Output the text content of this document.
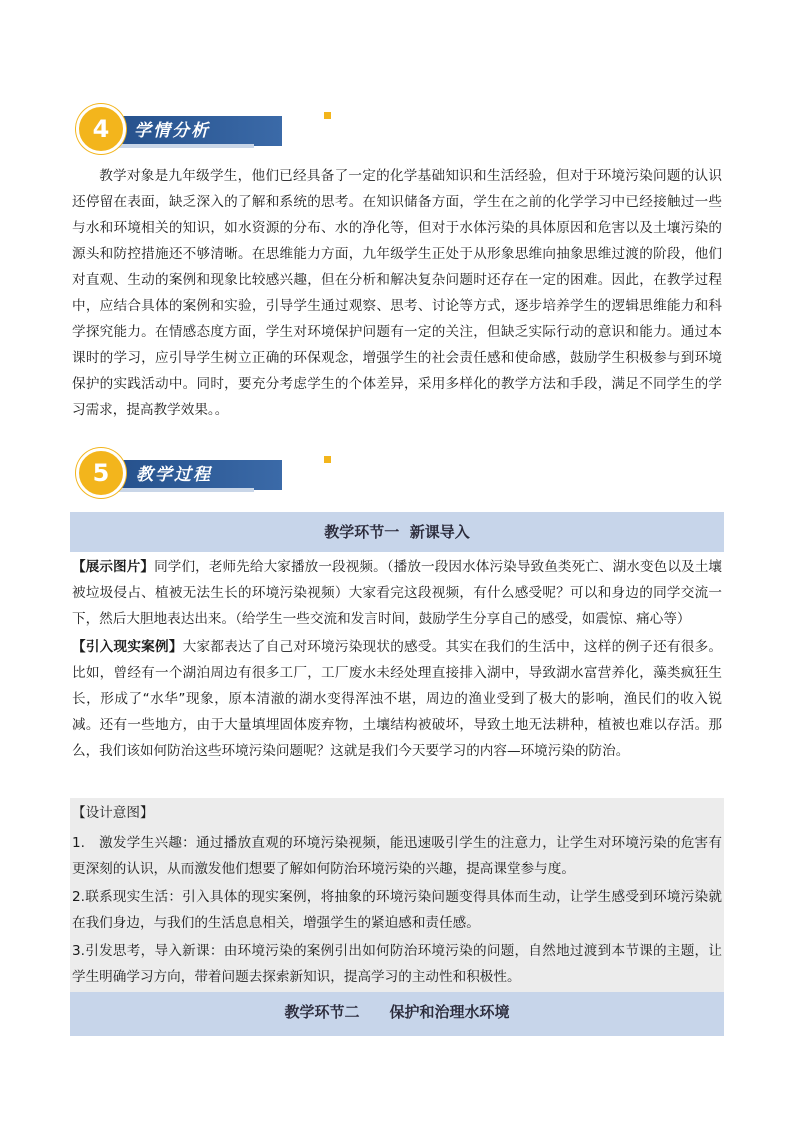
学情分析
4

教学对象是九年级学生，他们已经具备了一定的化学基础知识和生活经验，但对于环境污染问题的认识还停留在表面，缺乏深入的了解和系统的思考。在知识储备方面，学生在之前的化学学习中已经接触过一些与水和环境相关的知识，如水资源的分布、水的净化等，但对于水体污染的具体原因和危害以及土壤污染的源头和防控措施还不够清晰。在思维能力方面，九年级学生正处于从形象思维向抽象思维过渡的阶段，他们对直观、生动的案例和现象比较感兴趣，但在分析和解决复杂问题时还存在一定的困难。因此，在教学过程中，应结合具体的案例和实验，引导学生通过观察、思考、讨论等方式，逐步培养学生的逻辑思维能力和科学探究能力。在情感态度方面，学生对环境保护问题有一定的关注，但缺乏实际行动的意识和能力。通过本课时的学习，应引导学生树立正确的环保观念，增强学生的社会责任感和使命感，鼓励学生积极参与到环境保护的实践活动中。同时，要充分考虑学生的个体差异，采用多样化的教学方法和手段，满足不同学生的学习需求，提高教学效果。。

教学过程
5
教学环节一  新课导入

【展示图片】同学们，老师先给大家播放一段视频。（播放一段因水体污染导致鱼类死亡、湖水变色以及土壤被垃圾侵占、植被无法生长的环境污染视频）大家看完这段视频，有什么感受呢？可以和身边的同学交流一下，然后大胆地表达出来。（给学生一些交流和发言时间，鼓励学生分享自己的感受，如震惊、痛心等）

【引入现实案例】大家都表达了自己对环境污染现状的感受。其实在我们的生活中，这样的例子还有很多。比如，曾经有一个湖泊周边有很多工厂，工厂废水未经处理直接排入湖中，导致湖水富营养化，藻类疯狂生长，形成了“水华”现象，原本清澈的湖水变得浑浊不堪，周边的渔业受到了极大的影响，渔民们的收入锐减。还有一些地方，由于大量填埋固体废弃物，土壤结构被破坏，导致土地无法耕种，植被也难以存活。那么，我们该如何防治这些环境污染问题呢？这就是我们今天要学习的内容—环境污染的防治。

【设计意图】

1.　激发学生兴趣：通过播放直观的环境污染视频，能迅速吸引学生的注意力，让学生对环境污染的危害有更深刻的认识，从而激发他们想要了解如何防治环境污染的兴趣，提高课堂参与度。

2.联系现实生活：引入具体的现实案例，将抽象的环境污染问题变得具体而生动，让学生感受到环境污染就在我们身边，与我们的生活息息相关，增强学生的紧迫感和责任感。

3.引发思考，导入新课：由环境污染的案例引出如何防治环境污染的问题，自然地过渡到本节课的主题，让学生明确学习方向，带着问题去探索新知识，提高学习的主动性和积极性。

教学环节二　　保护和治理水环境
